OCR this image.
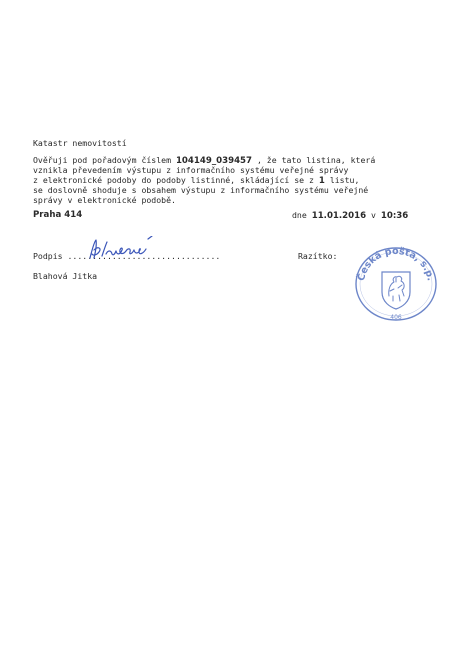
Katastr nemovitostí
Ověřuji pod pořadovým číslem 104149_039457 , že tato listina, která
vznikla převedením výstupu z informačního systému veřejné správy
z elektronické podoby do podoby listinné, skládající se z 1 listu,
se doslovně shoduje s obsahem výstupu z informačního systému veřejné
správy v elektronické podobě.
Praha 414	dne 11.01.2016 v 10:36
Podpis ...............................	Razítko:
Česká pošta, s.p.
406
Blahová Jitka
